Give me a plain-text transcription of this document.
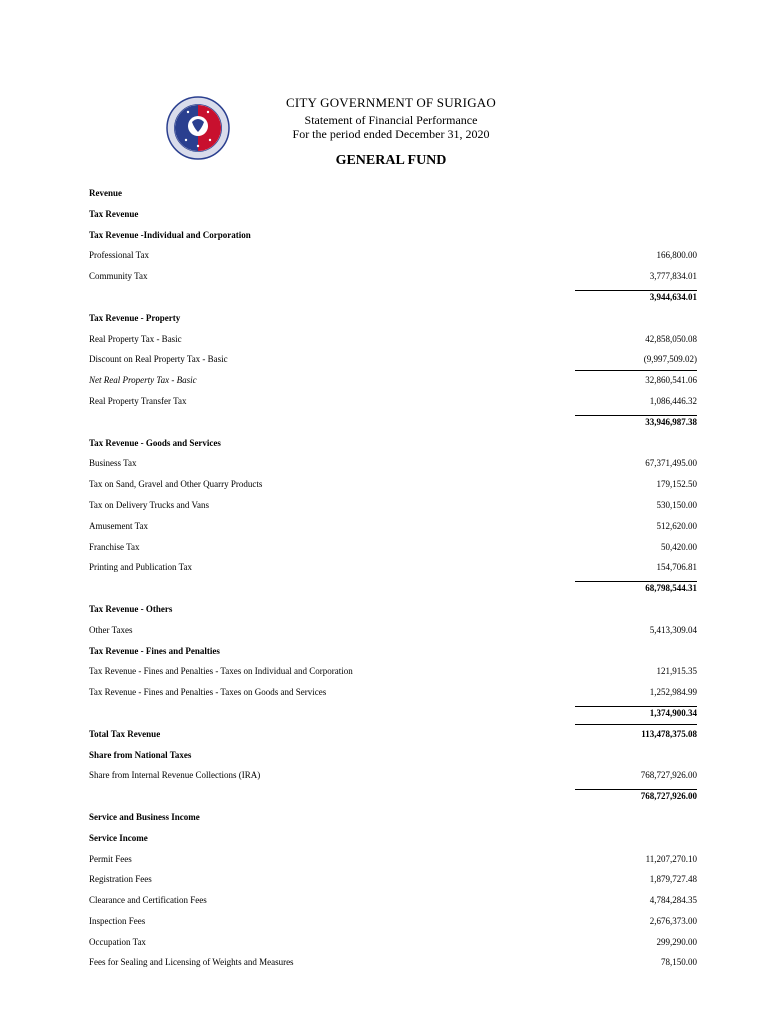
CITY GOVERNMENT OF SURIGAO
Statement of Financial Performance
For the period ended December 31, 2020
GENERAL FUND
Revenue
Tax Revenue
Tax Revenue -Individual and Corporation
Professional Tax	166,800.00
Community Tax	3,777,834.01
3,944,634.01
Tax Revenue - Property
Real Property Tax - Basic	42,858,050.08
Discount on Real Property Tax - Basic	(9,997,509.02)
Net Real Property Tax - Basic	32,860,541.06
Real Property Transfer Tax	1,086,446.32
33,946,987.38
Tax Revenue - Goods and Services
Business Tax	67,371,495.00
Tax on Sand, Gravel and Other Quarry Products	179,152.50
Tax on Delivery Trucks and Vans	530,150.00
Amusement Tax	512,620.00
Franchise Tax	50,420.00
Printing and Publication Tax	154,706.81
68,798,544.31
Tax Revenue - Others
Other Taxes	5,413,309.04
Tax Revenue - Fines and Penalties
Tax Revenue - Fines and Penalties - Taxes on Individual and Corporation	121,915.35
Tax Revenue - Fines and Penalties - Taxes on Goods and Services	1,252,984.99
1,374,900.34
Total Tax Revenue	113,478,375.08
Share from National Taxes
Share from Internal Revenue Collections (IRA)	768,727,926.00
768,727,926.00
Service and Business Income
Service Income
Permit Fees	11,207,270.10
Registration Fees	1,879,727.48
Clearance and Certification Fees	4,784,284.35
Inspection Fees	2,676,373.00
Occupation Tax	299,290.00
Fees for Sealing and Licensing of Weights and Measures	78,150.00
